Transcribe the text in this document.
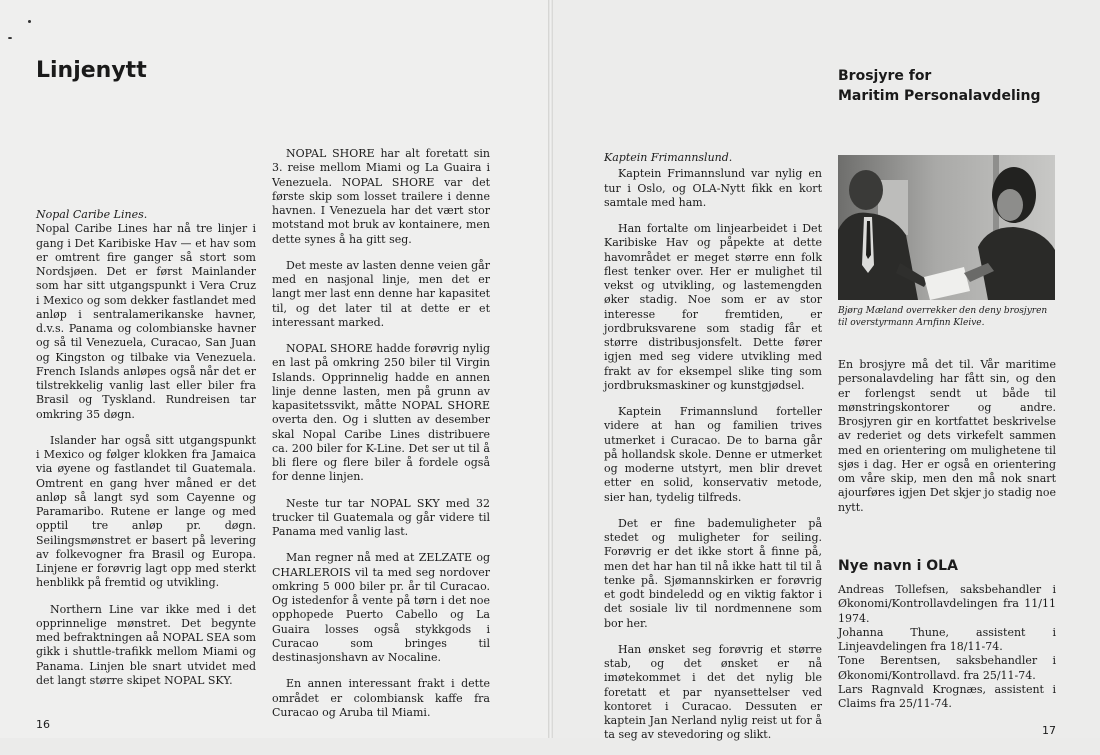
Linjenytt

Nopal Caribe Lines.

Nopal Caribe Lines har nå tre linjer i gang i Det Karibiske Hav — et hav som er omtrent fire ganger så stort som Nordsjøen. Det er først Mainlander som har sitt utgangspunkt i Vera Cruz i Mexico og som dekker fastlandet med anløp i sentralamerikanske havner, d.v.s. Panama og colombianske havner og så til Venezuela, Curacao, San Juan og Kingston og tilbake via Venezuela. French Islands anløpes også når det er tilstrekkelig vanlig last eller biler fra Brasil og Tyskland. Rundreisen tar omkring 35 døgn.

Islander har også sitt utgangspunkt i Mexico og følger klokken fra Jamaica via øyene og fastlandet til Guatemala. Omtrent en gang hver måned er det anløp så langt syd som Cayenne og Paramaribo. Rutene er lange og med opptil tre anløp pr. døgn. Seilingsmønstret er basert på levering av folkevogner fra Brasil og Europa. Linjene er forøvrig lagt opp med sterkt henblikk på fremtid og utvikling.

Northern Line var ikke med i det opprinnelige mønstret. Det begynte med befraktningen aå NOPAL SEA som gikk i shuttle-trafikk mellom Miami og Panama. Linjen ble snart utvidet med det langt større skipet NOPAL SKY.

NOPAL SHORE har alt foretatt sin 3. reise mellom Miami og La Guaira i Venezuela. NOPAL SHORE var det første skip som losset trailere i denne havnen. I Venezuela har det vært stor motstand mot bruk av kontainere, men dette synes å ha gitt seg.

Det meste av lasten denne veien går med en nasjonal linje, men det er langt mer last enn denne har kapasitet til, og det later til at dette er et interessant marked.

NOPAL SHORE hadde forøvrig nylig en last på omkring 250 biler til Virgin Islands. Opprinnelig hadde en annen linje denne lasten, men på grunn av kapasitetssvikt, måtte NOPAL SHORE overta den. Og i slutten av desember skal Nopal Caribe Lines distribuere ca. 200 biler for K-Line. Det ser ut til å bli flere og flere biler å fordele også for denne linjen.

Neste tur tar NOPAL SKY med 32 trucker til Guatemala og går videre til Panama med vanlig last.

Man regner nå med at ZELZATE og CHARLEROIS vil ta med seg nordover omkring 5 000 biler pr. år til Curacao. Og istedenfor å vente på tørn i det noe opphopede Puerto Cabello og La Guaira losses også stykkgods i Curacao som bringes til destinasjonshavn av Nocaline.

En annen interessant frakt i dette området er colombiansk kaffe fra Curacao og Aruba til Miami.

16
Brosjyre for
Maritim Personalavdeling

Kaptein Frimannslund.

Kaptein Frimannslund var nylig en tur i Oslo, og OLA-Nytt fikk en kort samtale med ham.

Han fortalte om linjearbeidet i Det Karibiske Hav og påpekte at dette havområdet er meget større enn folk flest tenker over. Her er mulighet til vekst og utvikling, og lastemengden øker stadig. Noe som er av stor interesse for fremtiden, er jordbruksvarene som stadig får et større distribusjonsfelt. Dette fører igjen med seg videre utvikling med frakt av for eksempel slike ting som jordbruksmaskiner og kunstgjødsel.

Kaptein Frimannslund forteller videre at han og familien trives utmerket i Curacao. De to barna går på hollandsk skole. Denne er utmerket og moderne utstyrt, men blir drevet etter en solid, konservativ metode, sier han, tydelig tilfreds.

Det er fine bademuligheter på stedet og muligheter for seiling. Forøvrig er det ikke stort å finne på, men det har han til nå ikke hatt til til å tenke på. Sjømannskirken er forøvrig et godt bindeledd og en viktig faktor i det sosiale liv til nordmennene som bor her.

Han ønsket seg forøvrig et større stab, og det ønsket er nå imøtekommet i det det nylig ble foretatt et par nyansettelser ved kontoret i Curacao. Dessuten er kaptein Jan Nerland nylig reist ut for å ta seg av stevedoring og slikt.

Bjørg Mæland overrekker den deny brosjyren til overstyrmann Arnfinn Kleive.

En brosjyre må det til. Vår maritime personalavdeling har fått sin, og den er forlengst sendt ut både til mønstringskontorer og andre. Brosjyren gir en kortfattet beskrivelse av rederiet og dets virkefelt sammen med en orientering om mulighetene til sjøs i dag. Her er også en orientering om våre skip, men den må nok snart ajourføres igjen Det skjer jo stadig noe nytt.

Nye navn i OLA

Andreas Tollefsen, saksbehandler i Økonomi/Kontrollavdelingen fra 11/11 1974.

Johanna Thune, assistent i Linjeavdelingen fra 18/11-74.

Tone Berentsen, saksbehandler i Økonomi/Kontrollavd. fra 25/11-74.

Lars Ragnvald Krognæs, assistent i Claims fra 25/11-74.

17
